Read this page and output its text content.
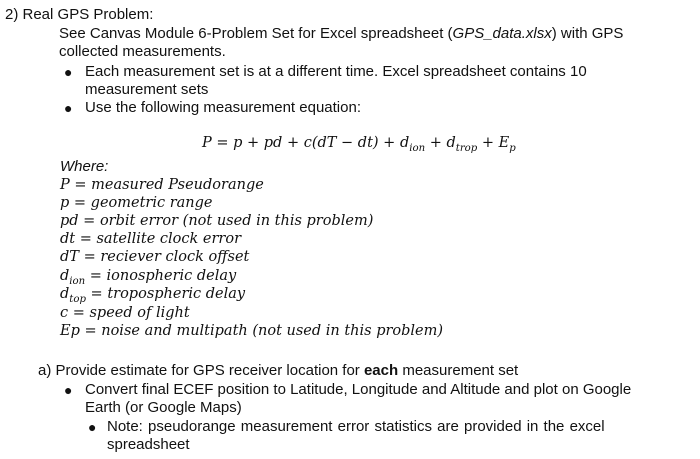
2) Real GPS Problem:
See Canvas Module 6-Problem Set for Excel spreadsheet (GPS_data.xlsx) with GPS
collected measurements.
● Each measurement set is at a different time. Excel spreadsheet contains 10
measurement sets
● Use the following measurement equation:
P = p + pd + $c(dT - dt) + d_{ion} + d_{trop} + E_p$
Where:
P = measured Pseudorange
p = geometric range
pd = orbit error (not used in this problem)
dt = satellite clock error
dT = reciever clock offset
$d_{ion}$ = ionospheric delay
$d_{top}$ = tropospheric delay
c = speed of light
Ep = noise and multipath (not used in this problem)
a) Provide estimate for GPS receiver location for each measurement set
● Convert final ECEF position to Latitude, Longitude and Altitude and plot on Google
Earth (or Google Maps)
● Note: pseudorange measurement error statistics are provided in the excel
spreadsheet
